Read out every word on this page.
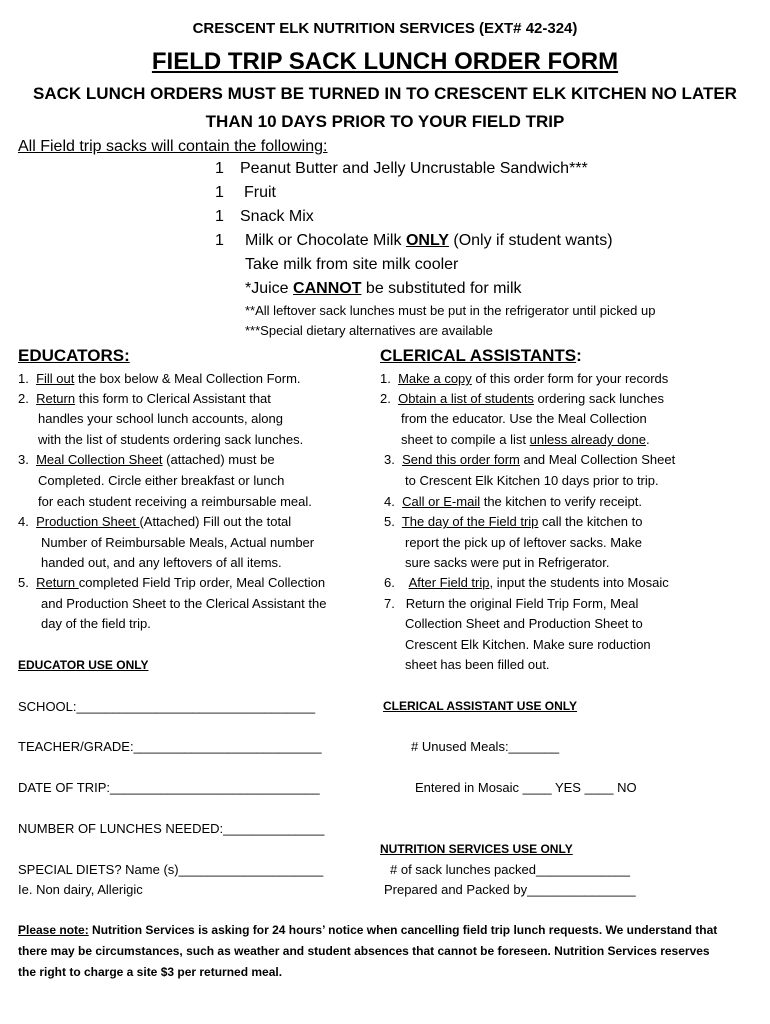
CRESCENT ELK NUTRITION SERVICES (EXT# 42-324)
FIELD TRIP SACK LUNCH ORDER FORM
SACK LUNCH ORDERS MUST BE TURNED IN TO CRESCENT ELK KITCHEN NO LATER
THAN 10 DAYS PRIOR TO YOUR FIELD TRIP
All Field trip sacks will contain the following:
1 Peanut Butter and Jelly Uncrustable Sandwich***
1 Fruit
1 Snack Mix
1 Milk or Chocolate Milk ONLY (Only if student wants)
Take milk from site milk cooler
*Juice CANNOT be substituted for milk
**All leftover sack lunches must be put in the refrigerator until picked up
***Special dietary alternatives are available
EDUCATORS:
1. Fill out the box below & Meal Collection Form.
2. Return this form to Clerical Assistant that
handles your school lunch accounts, along
with the list of students ordering sack lunches.
3. Meal Collection Sheet (attached) must be
Completed. Circle either breakfast or lunch
for each student receiving a reimbursable meal.
4. Production Sheet (Attached) Fill out the total
Number of Reimbursable Meals, Actual number
handed out, and any leftovers of all items.
5. Return completed Field Trip order, Meal Collection
and Production Sheet to the Clerical Assistant the
day of the field trip.
CLERICAL ASSISTANTS:
1. Make a copy of this order form for your records
2. Obtain a list of students ordering sack lunches
from the educator. Use the Meal Collection
sheet to compile a list unless already done.
3. Send this order form and Meal Collection Sheet
to Crescent Elk Kitchen 10 days prior to trip.
4. Call or E-mail the kitchen to verify receipt.
5. The day of the Field trip call the kitchen to
report the pick up of leftover sacks. Make
sure sacks were put in Refrigerator.
6. After Field trip, input the students into Mosaic
7. Return the original Field Trip Form, Meal
Collection Sheet and Production Sheet to
Crescent Elk Kitchen. Make sure roduction
sheet has been filled out.
EDUCATOR USE ONLY
SCHOOL:_________________________________
TEACHER/GRADE:__________________________
DATE OF TRIP:_____________________________
NUMBER OF LUNCHES NEEDED:______________
SPECIAL DIETS? Name (s)____________________
Ie. Non dairy, Allerigic
CLERICAL ASSISTANT USE ONLY
# Unused Meals:_______
Entered in Mosaic ____ YES ____ NO
NUTRITION SERVICES USE ONLY
# of sack lunches packed_____________
Prepared and Packed by_______________
Please note: Nutrition Services is asking for 24 hours’ notice when cancelling field trip lunch requests. We understand that there may be circumstances, such as weather and student absences that cannot be foreseen. Nutrition Services reserves the right to charge a site $3 per returned meal.
